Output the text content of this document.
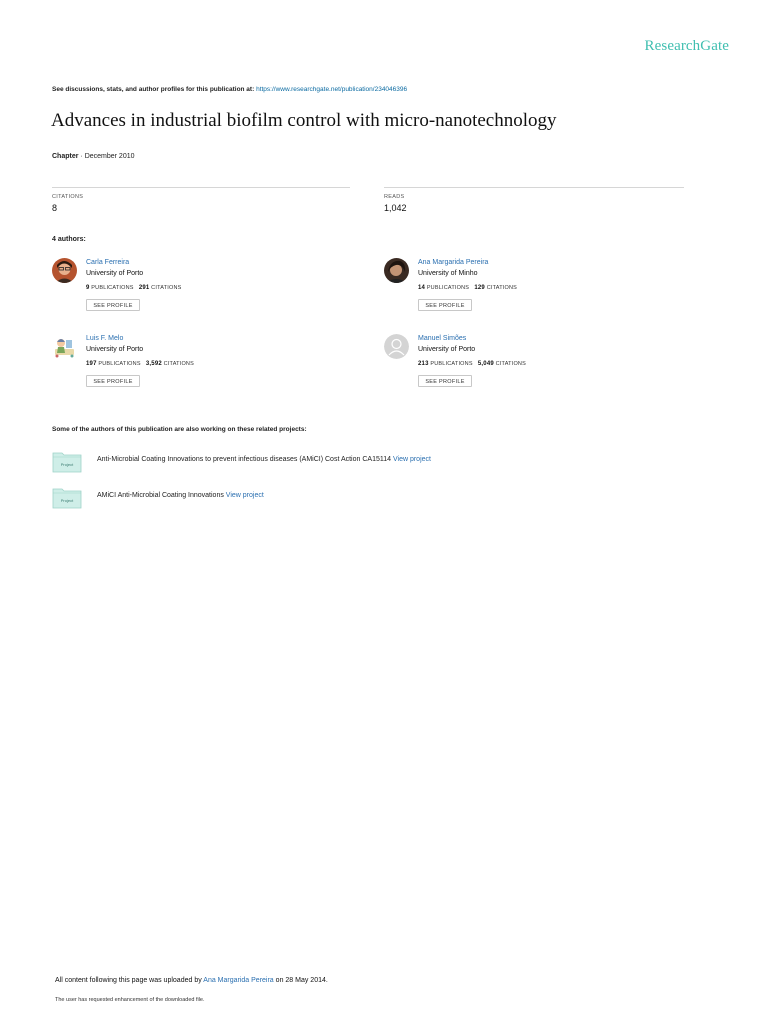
ResearchGate
See discussions, stats, and author profiles for this publication at: https://www.researchgate.net/publication/234046396
Advances in industrial biofilm control with micro-nanotechnology
Chapter · December 2010
CITATIONS
8
READS
1,042
4 authors:
Carla Ferreira
University of Porto
9 PUBLICATIONS 291 CITATIONS
SEE PROFILE
Ana Margarida Pereira
University of Minho
14 PUBLICATIONS 129 CITATIONS
SEE PROFILE
Luis F. Melo
University of Porto
197 PUBLICATIONS 3,592 CITATIONS
SEE PROFILE
Manuel Simões
University of Porto
213 PUBLICATIONS 5,049 CITATIONS
SEE PROFILE
Some of the authors of this publication are also working on these related projects:
Project
Anti-Microbial Coating Innovations to prevent infectious diseases (AMiCI) Cost Action CA15114 View project
Project
AMiCI Anti-Microbial Coating Innovations View project
All content following this page was uploaded by Ana Margarida Pereira on 28 May 2014.
The user has requested enhancement of the downloaded file.
